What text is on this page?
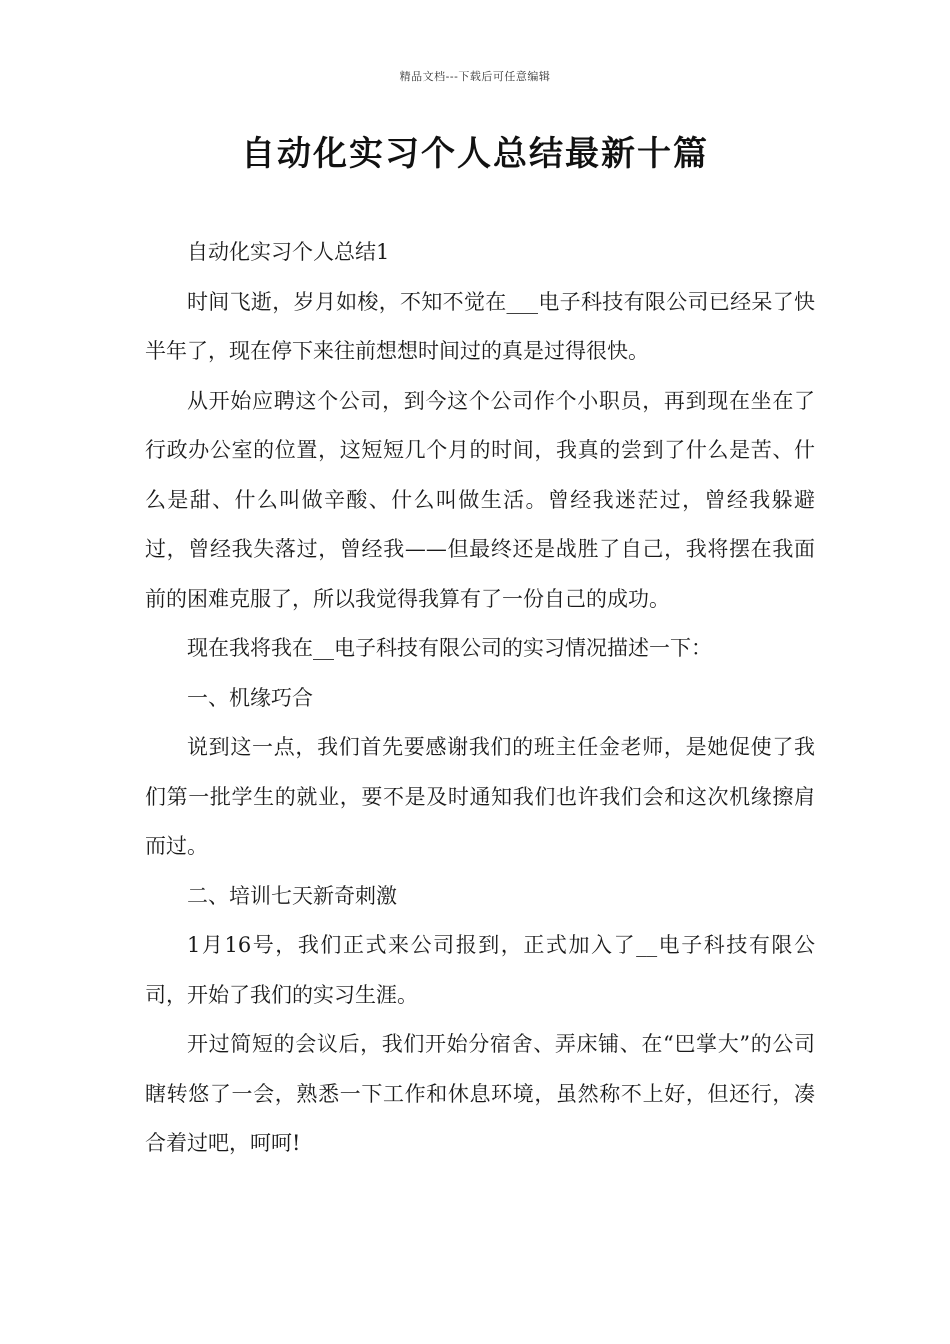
精品文档---下载后可任意编辑
自动化实习个人总结最新十篇

自动化实习个人总结1

时间飞逝，岁月如梭，不知不觉在___电子科技有限公司已经呆了快半年了，现在停下来往前想想时间过的真是过得很快。

从开始应聘这个公司，到今这个公司作个小职员，再到现在坐在了行政办公室的位置，这短短几个月的时间，我真的尝到了什么是苦、什么是甜、什么叫做辛酸、什么叫做生活。曾经我迷茫过，曾经我躲避过，曾经我失落过，曾经我——但最终还是战胜了自己，我将摆在我面前的困难克服了，所以我觉得我算有了一份自己的成功。

现在我将我在__电子科技有限公司的实习情况描述一下：

一、机缘巧合

说到这一点，我们首先要感谢我们的班主任金老师，是她促使了我们第一批学生的就业，要不是及时通知我们也许我们会和这次机缘擦肩而过。

二、培训七天新奇刺激

1月16号，我们正式来公司报到，正式加入了__电子科技有限公司，开始了我们的实习生涯。

开过简短的会议后，我们开始分宿舍、弄床铺、在“巴掌大”的公司瞎转悠了一会，熟悉一下工作和休息环境，虽然称不上好，但还行，凑合着过吧，呵呵!
